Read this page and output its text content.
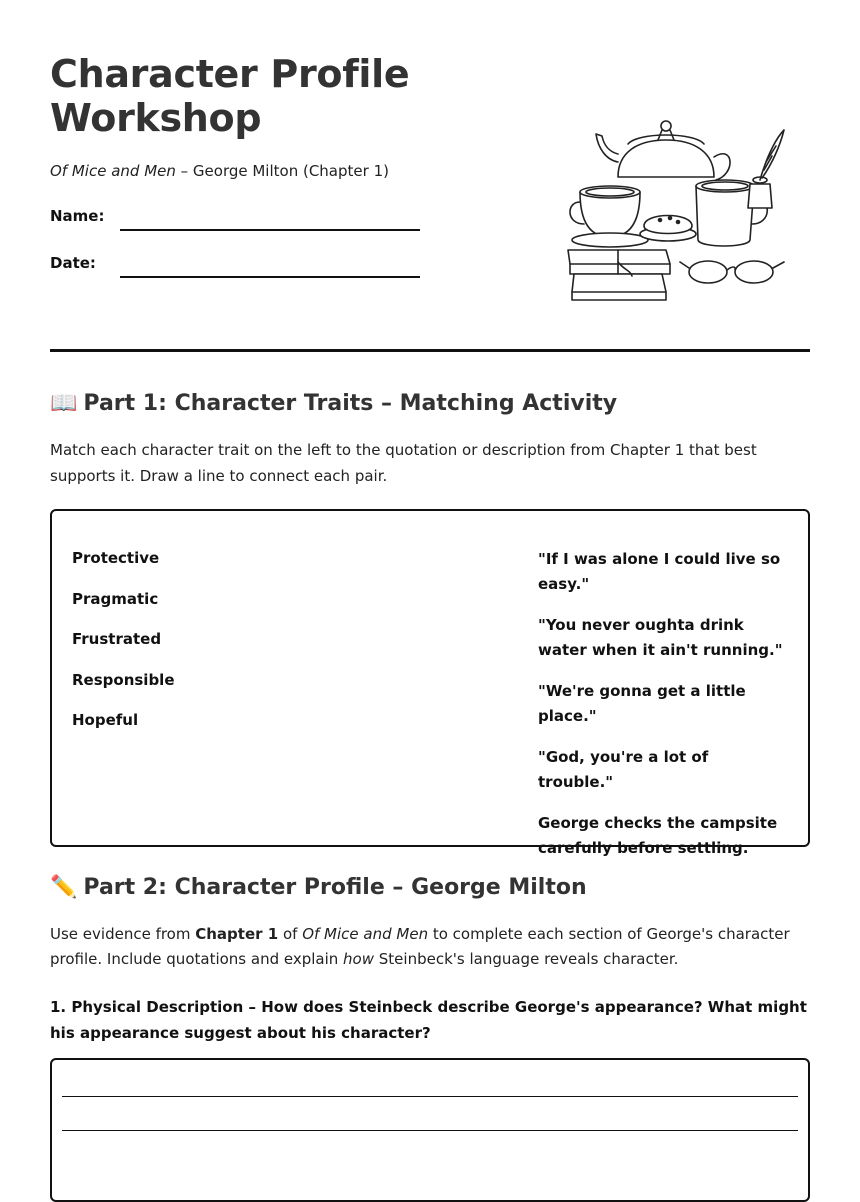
Character Profile Workshop

Of Mice and Men – George Milton (Chapter 1)

Name:
Date:
📖 Part 1: Character Traits – Matching Activity

Match each character trait on the left to the quotation or description from Chapter 1 that best supports it. Draw a line to connect each pair.

Protective
Pragmatic
Frustrated
Responsible
Hopeful
"If I was alone I could live so easy."
"You never oughta drink water when it ain't running."
"We're gonna get a little place."
"God, you're a lot of trouble."
George checks the campsite carefully before settling.
✏️ Part 2: Character Profile – George Milton

Use evidence from Chapter 1 of Of Mice and Men to complete each section of George's character profile. Include quotations and explain how Steinbeck's language reveals character.

1. Physical Description – How does Steinbeck describe George's appearance? What might his appearance suggest about his character?
